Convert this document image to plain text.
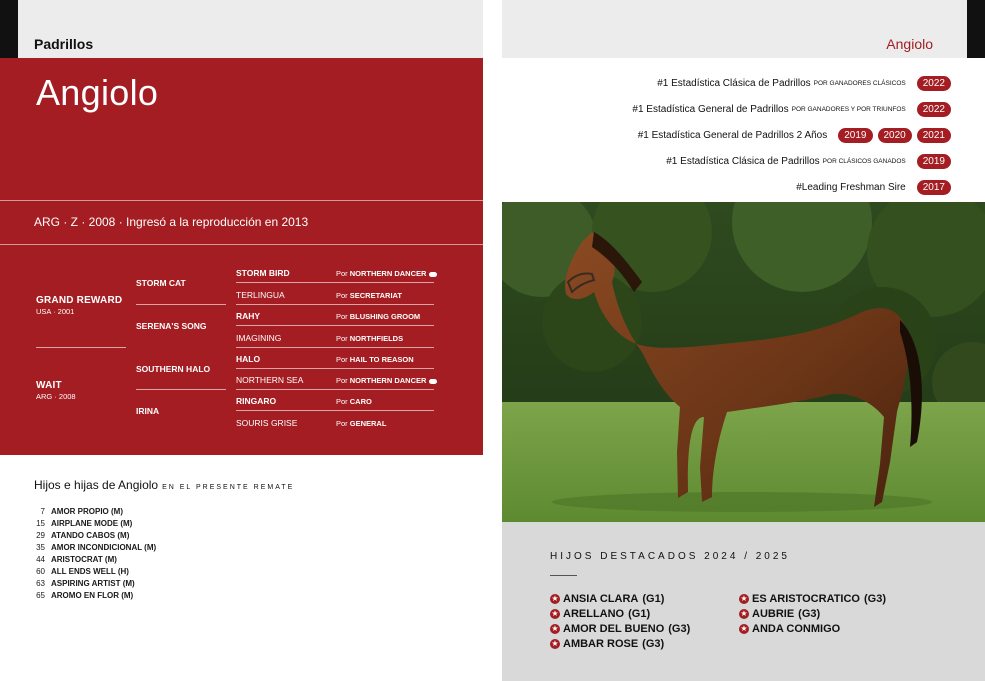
Padrillos
Angiolo
ARG · Z · 2008 · Ingresó a la reproducción en 2013
GRAND REWARD
USA · 2001
WAIT
ARG · 2008
STORM CAT
SERENA'S SONG
SOUTHERN HALO
IRINA
STORM BIRD	Por NORTHERN DANCER
TERLINGUA	Por SECRETARIAT
RAHY	Por BLUSHING GROOM
IMAGINING	Por NORTHFIELDS
HALO	Por HAIL TO REASON
NORTHERN SEA	Por NORTHERN DANCER
RINGARO	Por CARO
SOURIS GRISE	Por GENERAL
Hijos e hijas de Angiolo EN EL PRESENTE REMATE
7 AMOR PROPIO (M)
15 AIRPLANE MODE (M)
29 ATANDO CABOS (M)
35 AMOR INCONDICIONAL (M)
44 ARISTOCRAT (M)
60 ALL ENDS WELL (H)
63 ASPIRING ARTIST (M)
65 AROMO EN FLOR (M)
Angiolo
#1 Estadística Clásica de Padrillos POR GANADORES CLÁSICOS	2022
#1 Estadística General de Padrillos POR GANADORES Y POR TRIUNFOS	2022
#1 Estadística General de Padrillos 2 Años	2019	2020	2021
#1 Estadística Clásica de Padrillos POR CLÁSICOS GANADOS	2019
#Leading Freshman Sire	2017
HIJOS DESTACADOS 2024 / 2025
★ ANSIA CLARA (G1)
★ ARELLANO (G1)
★ AMOR DEL BUENO (G3)
★ AMBAR ROSE (G3)
★ ES ARISTOCRATICO (G3)
★ AUBRIE (G3)
★ ANDA CONMIGO
